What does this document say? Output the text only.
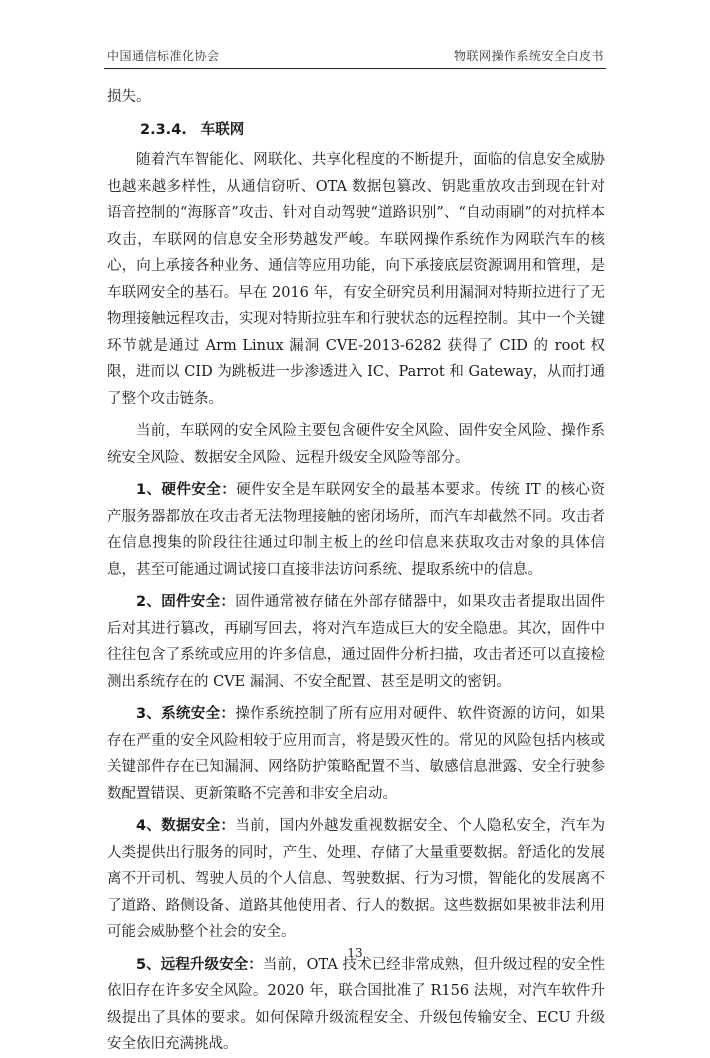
中国通信标准化协会	物联网操作系统安全白皮书

损失。

2.3.4. 车联网

随着汽车智能化、网联化、共享化程度的不断提升，面临的信息安全威胁也越来越多样性，从通信窃听、OTA 数据包篡改、钥匙重放攻击到现在针对语音控制的“海豚音”攻击、针对自动驾驶“道路识别”、“自动雨刷”的对抗样本攻击，车联网的信息安全形势越发严峻。车联网操作系统作为网联汽车的核心，向上承接各种业务、通信等应用功能，向下承接底层资源调用和管理，是车联网安全的基石。早在 2016 年，有安全研究员利用漏洞对特斯拉进行了无物理接触远程攻击，实现对特斯拉驻车和行驶状态的远程控制。其中一个关键环节就是通过 Arm Linux 漏洞 CVE-2013-6282 获得了 CID 的 root 权限，进而以 CID 为跳板进一步渗透进入 IC、Parrot 和 Gateway，从而打通了整个攻击链条。

当前，车联网的安全风险主要包含硬件安全风险、固件安全风险、操作系统安全风险、数据安全风险、远程升级安全风险等部分。

1、硬件安全：硬件安全是车联网安全的最基本要求。传统 IT 的核心资产服务器都放在攻击者无法物理接触的密闭场所，而汽车却截然不同。攻击者在信息搜集的阶段往往通过印制主板上的丝印信息来获取攻击对象的具体信息，甚至可能通过调试接口直接非法访问系统、提取系统中的信息。

2、固件安全：固件通常被存储在外部存储器中，如果攻击者提取出固件后对其进行篡改，再刷写回去，将对汽车造成巨大的安全隐患。其次，固件中往往包含了系统或应用的许多信息，通过固件分析扫描，攻击者还可以直接检测出系统存在的 CVE 漏洞、不安全配置、甚至是明文的密钥。

3、系统安全：操作系统控制了所有应用对硬件、软件资源的访问，如果存在严重的安全风险相较于应用而言，将是毁灭性的。常见的风险包括内核或关键部件存在已知漏洞、网络防护策略配置不当、敏感信息泄露、安全行驶参数配置错误、更新策略不完善和非安全启动。

4、数据安全：当前，国内外越发重视数据安全、个人隐私安全，汽车为人类提供出行服务的同时，产生、处理、存储了大量重要数据。舒适化的发展离不开司机、驾驶人员的个人信息、驾驶数据、行为习惯，智能化的发展离不了道路、路侧设备、道路其他使用者、行人的数据。这些数据如果被非法利用可能会威胁整个社会的安全。

5、远程升级安全：当前，OTA 技术已经非常成熟，但升级过程的安全性依旧存在许多安全风险。2020 年，联合国批准了 R156 法规，对汽车软件升级提出了具体的要求。如何保障升级流程安全、升级包传输安全、ECU 升级安全依旧充满挑战。

13
